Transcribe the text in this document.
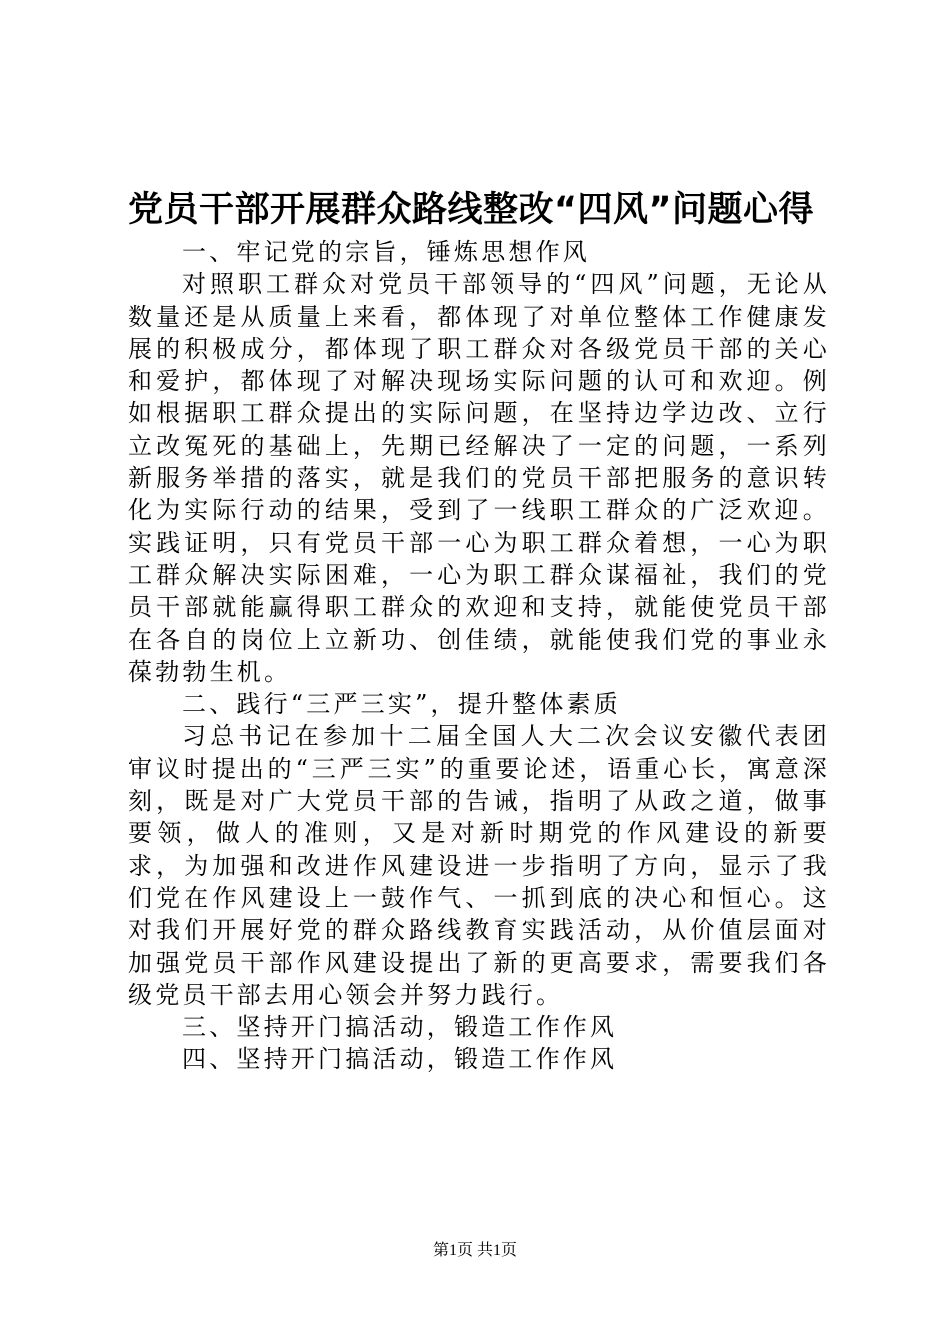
党员干部开展群众路线整改“四风”问题心得

一、牢记党的宗旨，锤炼思想作风

对照职工群众对党员干部领导的“四风”问题，无论从数量还是从质量上来看，都体现了对单位整体工作健康发展的积极成分，都体现了职工群众对各级党员干部的关心和爱护，都体现了对解决现场实际问题的认可和欢迎。例如根据职工群众提出的实际问题，在坚持边学边改、立行立改冤死的基础上，先期已经解决了一定的问题，一系列新服务举措的落实，就是我们的党员干部把服务的意识转化为实际行动的结果，受到了一线职工群众的广泛欢迎。实践证明，只有党员干部一心为职工群众着想，一心为职工群众解决实际困难，一心为职工群众谋福祉，我们的党员干部就能赢得职工群众的欢迎和支持，就能使党员干部在各自的岗位上立新功、创佳绩，就能使我们党的事业永葆勃勃生机。

二、践行“三严三实”，提升整体素质

习总书记在参加十二届全国人大二次会议安徽代表团审议时提出的“三严三实”的重要论述，语重心长，寓意深刻，既是对广大党员干部的告诫，指明了从政之道，做事要领，做人的准则，又是对新时期党的作风建设的新要求，为加强和改进作风建设进一步指明了方向，显示了我们党在作风建设上一鼓作气、一抓到底的决心和恒心。这对我们开展好党的群众路线教育实践活动，从价值层面对加强党员干部作风建设提出了新的更高要求，需要我们各级党员干部去用心领会并努力践行。

三、坚持开门搞活动，锻造工作作风

四、坚持开门搞活动，锻造工作作风

第1页 共1页
